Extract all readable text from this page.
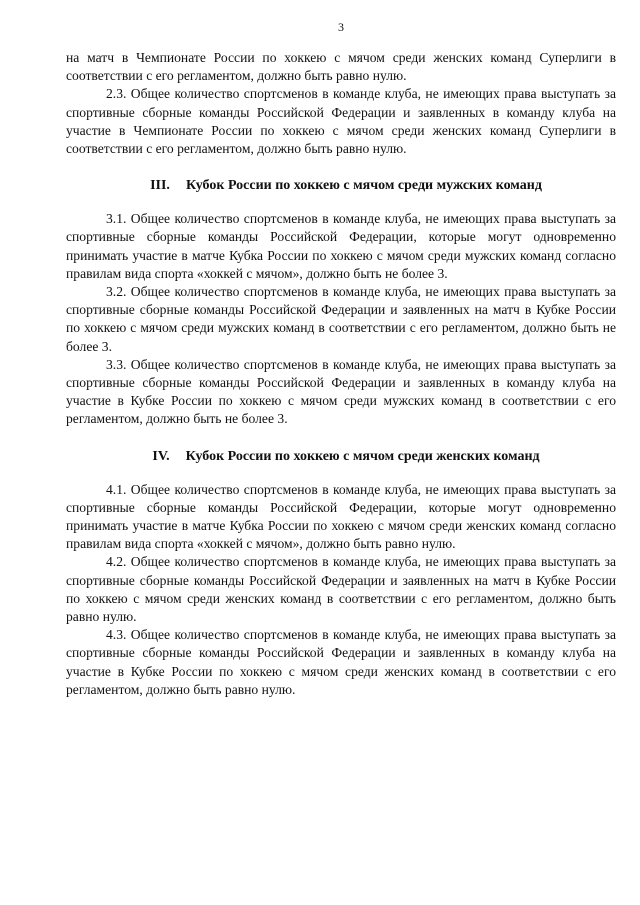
3

на матч в Чемпионате России по хоккею с мячом среди женских команд Суперлиги в соответствии с его регламентом, должно быть равно нулю.

2.3. Общее количество спортсменов в команде клуба, не имеющих права выступать за спортивные сборные команды Российской Федерации и заявленных в команду клуба на участие в Чемпионате России по хоккею с мячом среди женских команд Суперлиги в соответствии с его регламентом, должно быть равно нулю.

III. Кубок России по хоккею с мячом среди мужских команд

3.1. Общее количество спортсменов в команде клуба, не имеющих права выступать за спортивные сборные команды Российской Федерации, которые могут одновременно принимать участие в матче Кубка России по хоккею с мячом среди мужских команд согласно правилам вида спорта «хоккей с мячом», должно быть не более 3.

3.2. Общее количество спортсменов в команде клуба, не имеющих права выступать за спортивные сборные команды Российской Федерации и заявленных на матч в Кубке России по хоккею с мячом среди мужских команд в соответствии с его регламентом, должно быть не более 3.

3.3. Общее количество спортсменов в команде клуба, не имеющих права выступать за спортивные сборные команды Российской Федерации и заявленных в команду клуба на участие в Кубке России по хоккею с мячом среди мужских команд в соответствии с его регламентом, должно быть не более 3.

IV. Кубок России по хоккею с мячом среди женских команд

4.1. Общее количество спортсменов в команде клуба, не имеющих права выступать за спортивные сборные команды Российской Федерации, которые могут одновременно принимать участие в матче Кубка России по хоккею с мячом среди женских команд согласно правилам вида спорта «хоккей с мячом», должно быть равно нулю.

4.2. Общее количество спортсменов в команде клуба, не имеющих права выступать за спортивные сборные команды Российской Федерации и заявленных на матч в Кубке России по хоккею с мячом среди женских команд в соответствии с его регламентом, должно быть равно нулю.

4.3. Общее количество спортсменов в команде клуба, не имеющих права выступать за спортивные сборные команды Российской Федерации и заявленных в команду клуба на участие в Кубке России по хоккею с мячом среди женских команд в соответствии с его регламентом, должно быть равно нулю.
